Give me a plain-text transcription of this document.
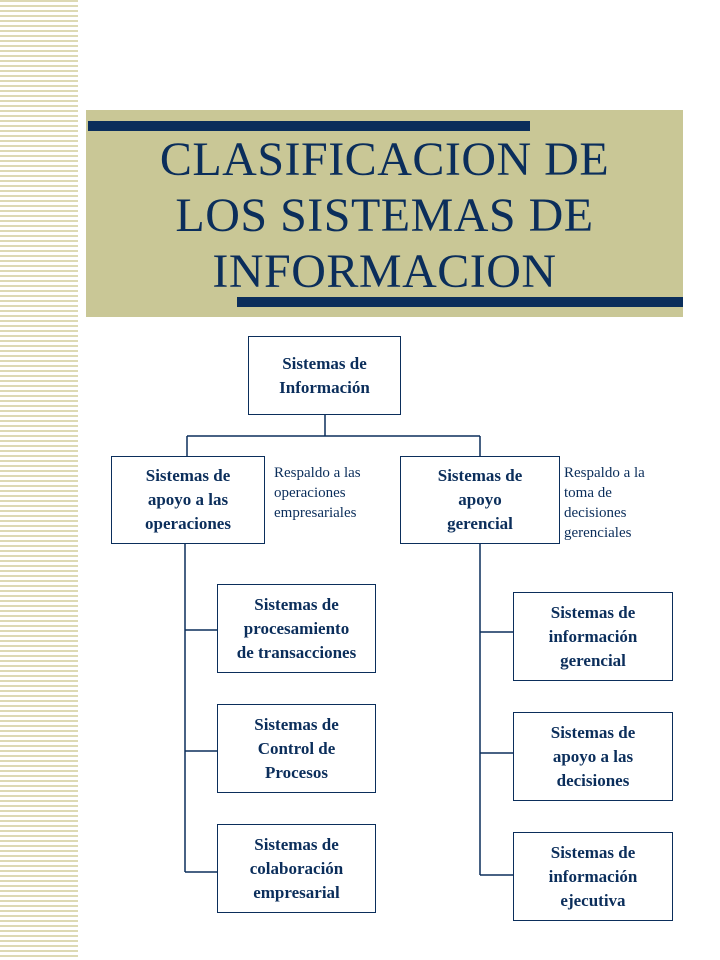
CLASIFICACION DE
LOS SISTEMAS DE
INFORMACION
Sistemas de
Información
Sistemas de
apoyo a las
operaciones
Respaldo a las
operaciones
empresariales
Sistemas de
apoyo
gerencial
Respaldo a la
toma de
decisiones
gerenciales
Sistemas de
procesamiento
de transacciones
Sistemas de
Control de
Procesos
Sistemas de
colaboración
empresarial
Sistemas de
información
gerencial
Sistemas de
apoyo a las
decisiones
Sistemas de
información
ejecutiva
